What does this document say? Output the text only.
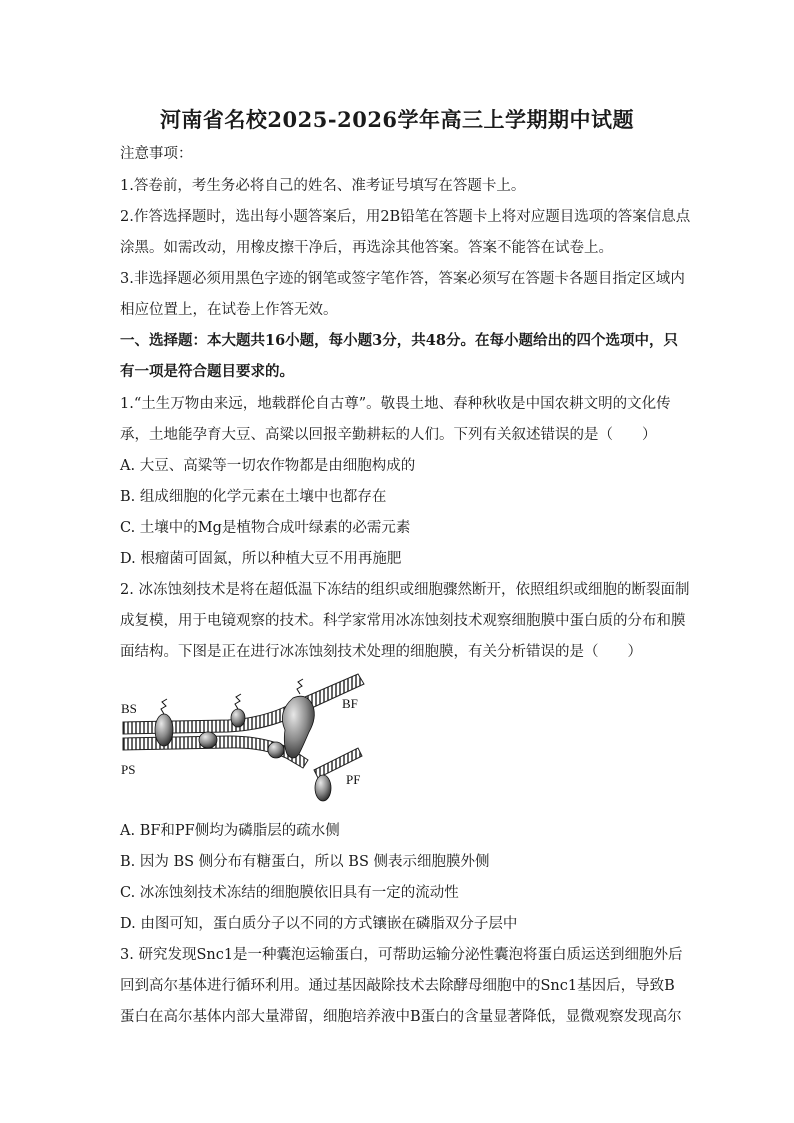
河南省名校2025-2026学年高三上学期期中试题
注意事项：
1.答卷前，考生务必将自己的姓名、准考证号填写在答题卡上。
2.作答选择题时，选出每小题答案后，用2B铅笔在答题卡上将对应题目选项的答案信息点
涂黑。如需改动，用橡皮擦干净后，再选涂其他答案。答案不能答在试卷上。
3.非选择题必须用黑色字迹的钢笔或签字笔作答，答案必须写在答题卡各题目指定区域内
相应位置上，在试卷上作答无效。
一、选择题：本大题共16小题，每小题3分，共48分。在每小题给出的四个选项中，只
有一项是符合题目要求的。
1.“土生万物由来远，地载群伦自古尊”。敬畏土地、春种秋收是中国农耕文明的文化传
承，土地能孕育大豆、高粱以回报辛勤耕耘的人们。下列有关叙述错误的是（　　）
A. 大豆、高粱等一切农作物都是由细胞构成的
B. 组成细胞的化学元素在土壤中也都存在
C. 土壤中的Mg是植物合成叶绿素的必需元素
D. 根瘤菌可固氮，所以种植大豆不用再施肥
2. 冰冻蚀刻技术是将在超低温下冻结的组织或细胞骤然断开，依照组织或细胞的断裂面制
成复模，用于电镜观察的技术。科学家常用冰冻蚀刻技术观察细胞膜中蛋白质的分布和膜
面结构。下图是正在进行冰冻蚀刻技术处理的细胞膜，有关分析错误的是（　　）
BS
PS
BF
PF
A. BF和PF侧均为磷脂层的疏水侧
B. 因为 BS 侧分布有糖蛋白，所以 BS 侧表示细胞膜外侧
C. 冰冻蚀刻技术冻结的细胞膜依旧具有一定的流动性
D. 由图可知，蛋白质分子以不同的方式镶嵌在磷脂双分子层中
3. 研究发现Snc1是一种囊泡运输蛋白，可帮助运输分泌性囊泡将蛋白质运送到细胞外后
回到高尔基体进行循环利用。通过基因敲除技术去除酵母细胞中的Snc1基因后，导致B
蛋白在高尔基体内部大量滞留，细胞培养液中B蛋白的含量显著降低，显微观察发现高尔
